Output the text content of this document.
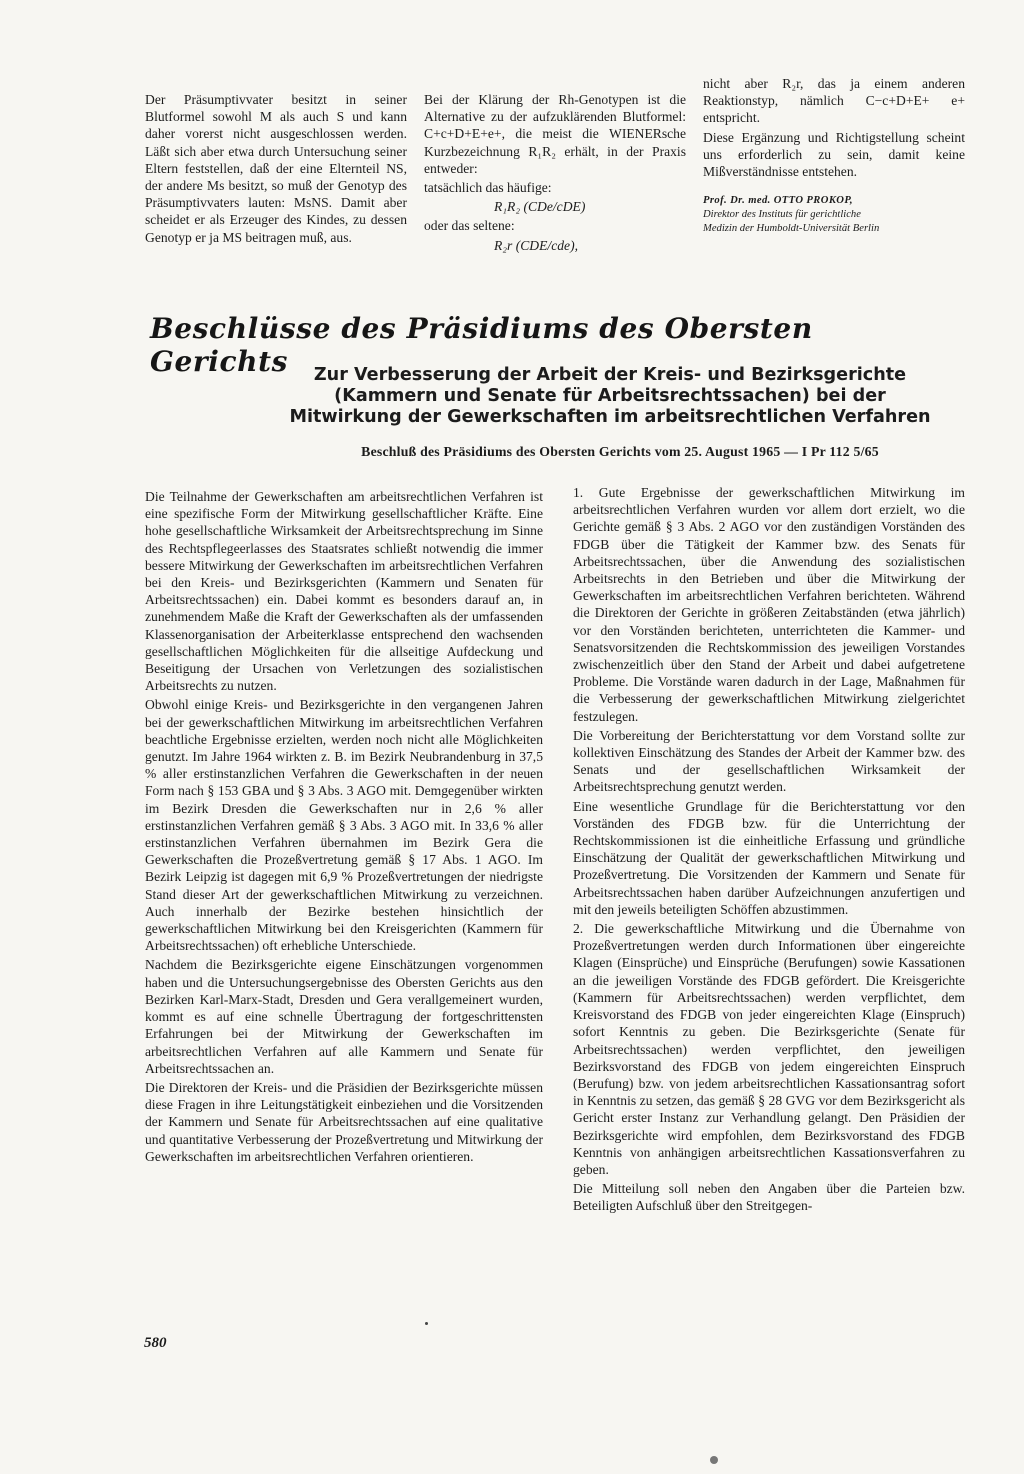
Der Präsumptivvater besitzt in seiner Blutformel sowohl M als auch S und kann daher vorerst nicht ausgeschlossen werden. Läßt sich aber etwa durch Untersuchung seiner Eltern feststellen, daß der eine Elternteil NS, der andere Ms besitzt, so muß der Genotyp des Präsumptivvaters lauten: MsNS. Damit aber scheidet er als Erzeuger des Kindes, zu dessen Genotyp er ja MS beitragen muß, aus.

Bei der Klärung der Rh-Genotypen ist die Alternative zu der aufzuklärenden Blutformel: C+c+D+E+e+, die meist die WIENERsche Kurzbezeichnung R₁R₂ erhält, in der Praxis entweder:

tatsächlich das häufige:

R₁R₂ (CDe/cDE)

oder das seltene:

R₂r (CDE/cde),

nicht aber R₂r, das ja einem anderen Reaktionstyp, nämlich C−c+D+E+ e+ entspricht.

Diese Ergänzung und Richtigstellung scheint uns erforderlich zu sein, damit keine Mißverständnisse entstehen.

Prof. Dr. med. OTTO PROKOP,
Direktor des Instituts für gerichtliche
Medizin der Humboldt-Universität Berlin
Beschlüsse des Präsidiums des Obersten Gerichts	Zur Verbesserung der Arbeit der Kreis- und Bezirksgerichte (Kammern und Senate für Arbeitsrechtssachen) bei der Mitwirkung der Gewerkschaften im arbeitsrechtlichen Verfahren
Beschluß des Präsidiums des Obersten Gerichts vom 25. August 1965 — I Pr 112 5/65

Die Teilnahme der Gewerkschaften am arbeitsrechtlichen Verfahren ist eine spezifische Form der Mitwirkung gesellschaftlicher Kräfte. Eine hohe gesellschaftliche Wirksamkeit der Arbeitsrechtsprechung im Sinne des Rechtspflegeerlasses des Staatsrates schließt notwendig die immer bessere Mitwirkung der Gewerkschaften im arbeitsrechtlichen Verfahren bei den Kreis- und Bezirksgerichten (Kammern und Senaten für Arbeitsrechtssachen) ein. Dabei kommt es besonders darauf an, in zunehmendem Maße die Kraft der Gewerkschaften als der umfassenden Klassenorganisation der Arbeiterklasse entsprechend den wachsenden gesellschaftlichen Möglichkeiten für die allseitige Aufdeckung und Beseitigung der Ursachen von Verletzungen des sozialistischen Arbeitsrechts zu nutzen.

Obwohl einige Kreis- und Bezirksgerichte in den vergangenen Jahren bei der gewerkschaftlichen Mitwirkung im arbeitsrechtlichen Verfahren beachtliche Ergebnisse erzielten, werden noch nicht alle Möglichkeiten genutzt. Im Jahre 1964 wirkten z. B. im Bezirk Neubrandenburg in 37,5 % aller erstinstanzlichen Verfahren die Gewerkschaften in der neuen Form nach § 153 GBA und § 3 Abs. 3 AGO mit. Demgegenüber wirkten im Bezirk Dresden die Gewerkschaften nur in 2,6 % aller erstinstanzlichen Verfahren gemäß § 3 Abs. 3 AGO mit. In 33,6 % aller erstinstanzlichen Verfahren übernahmen im Bezirk Gera die Gewerkschaften die Prozeßvertretung gemäß § 17 Abs. 1 AGO. Im Bezirk Leipzig ist dagegen mit 6,9 % Prozeßvertretungen der niedrigste Stand dieser Art der gewerkschaftlichen Mitwirkung zu verzeichnen. Auch innerhalb der Bezirke bestehen hinsichtlich der gewerkschaftlichen Mitwirkung bei den Kreisgerichten (Kammern für Arbeitsrechtssachen) oft erhebliche Unterschiede.

Nachdem die Bezirksgerichte eigene Einschätzungen vorgenommen haben und die Untersuchungsergebnisse des Obersten Gerichts aus den Bezirken Karl-Marx-Stadt, Dresden und Gera verallgemeinert wurden, kommt es auf eine schnelle Übertragung der fortgeschrittensten Erfahrungen bei der Mitwirkung der Gewerkschaften im arbeitsrechtlichen Verfahren auf alle Kammern und Senate für Arbeitsrechtssachen an.

Die Direktoren der Kreis- und die Präsidien der Bezirksgerichte müssen diese Fragen in ihre Leitungstätigkeit einbeziehen und die Vorsitzenden der Kammern und Senate für Arbeitsrechtssachen auf eine qualitative und quantitative Verbesserung der Prozeßvertretung und Mitwirkung der Gewerkschaften im arbeitsrechtlichen Verfahren orientieren.

1. Gute Ergebnisse der gewerkschaftlichen Mitwirkung im arbeitsrechtlichen Verfahren wurden vor allem dort erzielt, wo die Gerichte gemäß § 3 Abs. 2 AGO vor den zuständigen Vorständen des FDGB über die Tätigkeit der Kammer bzw. des Senats für Arbeitsrechtssachen, über die Anwendung des sozialistischen Arbeitsrechts in den Betrieben und über die Mitwirkung der Gewerkschaften im arbeitsrechtlichen Verfahren berichteten. Während die Direktoren der Gerichte in größeren Zeitabständen (etwa jährlich) vor den Vorständen berichteten, unterrichteten die Kammer- und Senatsvorsitzenden die Rechtskommission des jeweiligen Vorstandes zwischenzeitlich über den Stand der Arbeit und dabei aufgetretene Probleme. Die Vorstände waren dadurch in der Lage, Maßnahmen für die Verbesserung der gewerkschaftlichen Mitwirkung zielgerichtet festzulegen.

Die Vorbereitung der Berichterstattung vor dem Vorstand sollte zur kollektiven Einschätzung des Standes der Arbeit der Kammer bzw. des Senats und der gesellschaftlichen Wirksamkeit der Arbeitsrechtsprechung genutzt werden.

Eine wesentliche Grundlage für die Berichterstattung vor den Vorständen des FDGB bzw. für die Unterrichtung der Rechtskommissionen ist die einheitliche Erfassung und gründliche Einschätzung der Qualität der gewerkschaftlichen Mitwirkung und Prozeßvertretung. Die Vorsitzenden der Kammern und Senate für Arbeitsrechtssachen haben darüber Aufzeichnungen anzufertigen und mit den jeweils beteiligten Schöffen abzustimmen.

2. Die gewerkschaftliche Mitwirkung und die Übernahme von Prozeßvertretungen werden durch Informationen über eingereichte Klagen (Einsprüche) und Einsprüche (Berufungen) sowie Kassationen an die jeweiligen Vorstände des FDGB gefördert. Die Kreisgerichte (Kammern für Arbeitsrechtssachen) werden verpflichtet, dem Kreisvorstand des FDGB von jeder eingereichten Klage (Einspruch) sofort Kenntnis zu geben. Die Bezirksgerichte (Senate für Arbeitsrechtssachen) werden verpflichtet, den jeweiligen Bezirksvorstand des FDGB von jedem eingereichten Einspruch (Berufung) bzw. von jedem arbeitsrechtlichen Kassationsantrag sofort in Kenntnis zu setzen, das gemäß § 28 GVG vor dem Bezirksgericht als Gericht erster Instanz zur Verhandlung gelangt. Den Präsidien der Bezirksgerichte wird empfohlen, dem Bezirksvorstand des FDGB Kenntnis von anhängigen arbeitsrechtlichen Kassationsverfahren zu geben.

Die Mitteilung soll neben den Angaben über die Parteien bzw. Beteiligten Aufschluß über den Streitgegen-

580
